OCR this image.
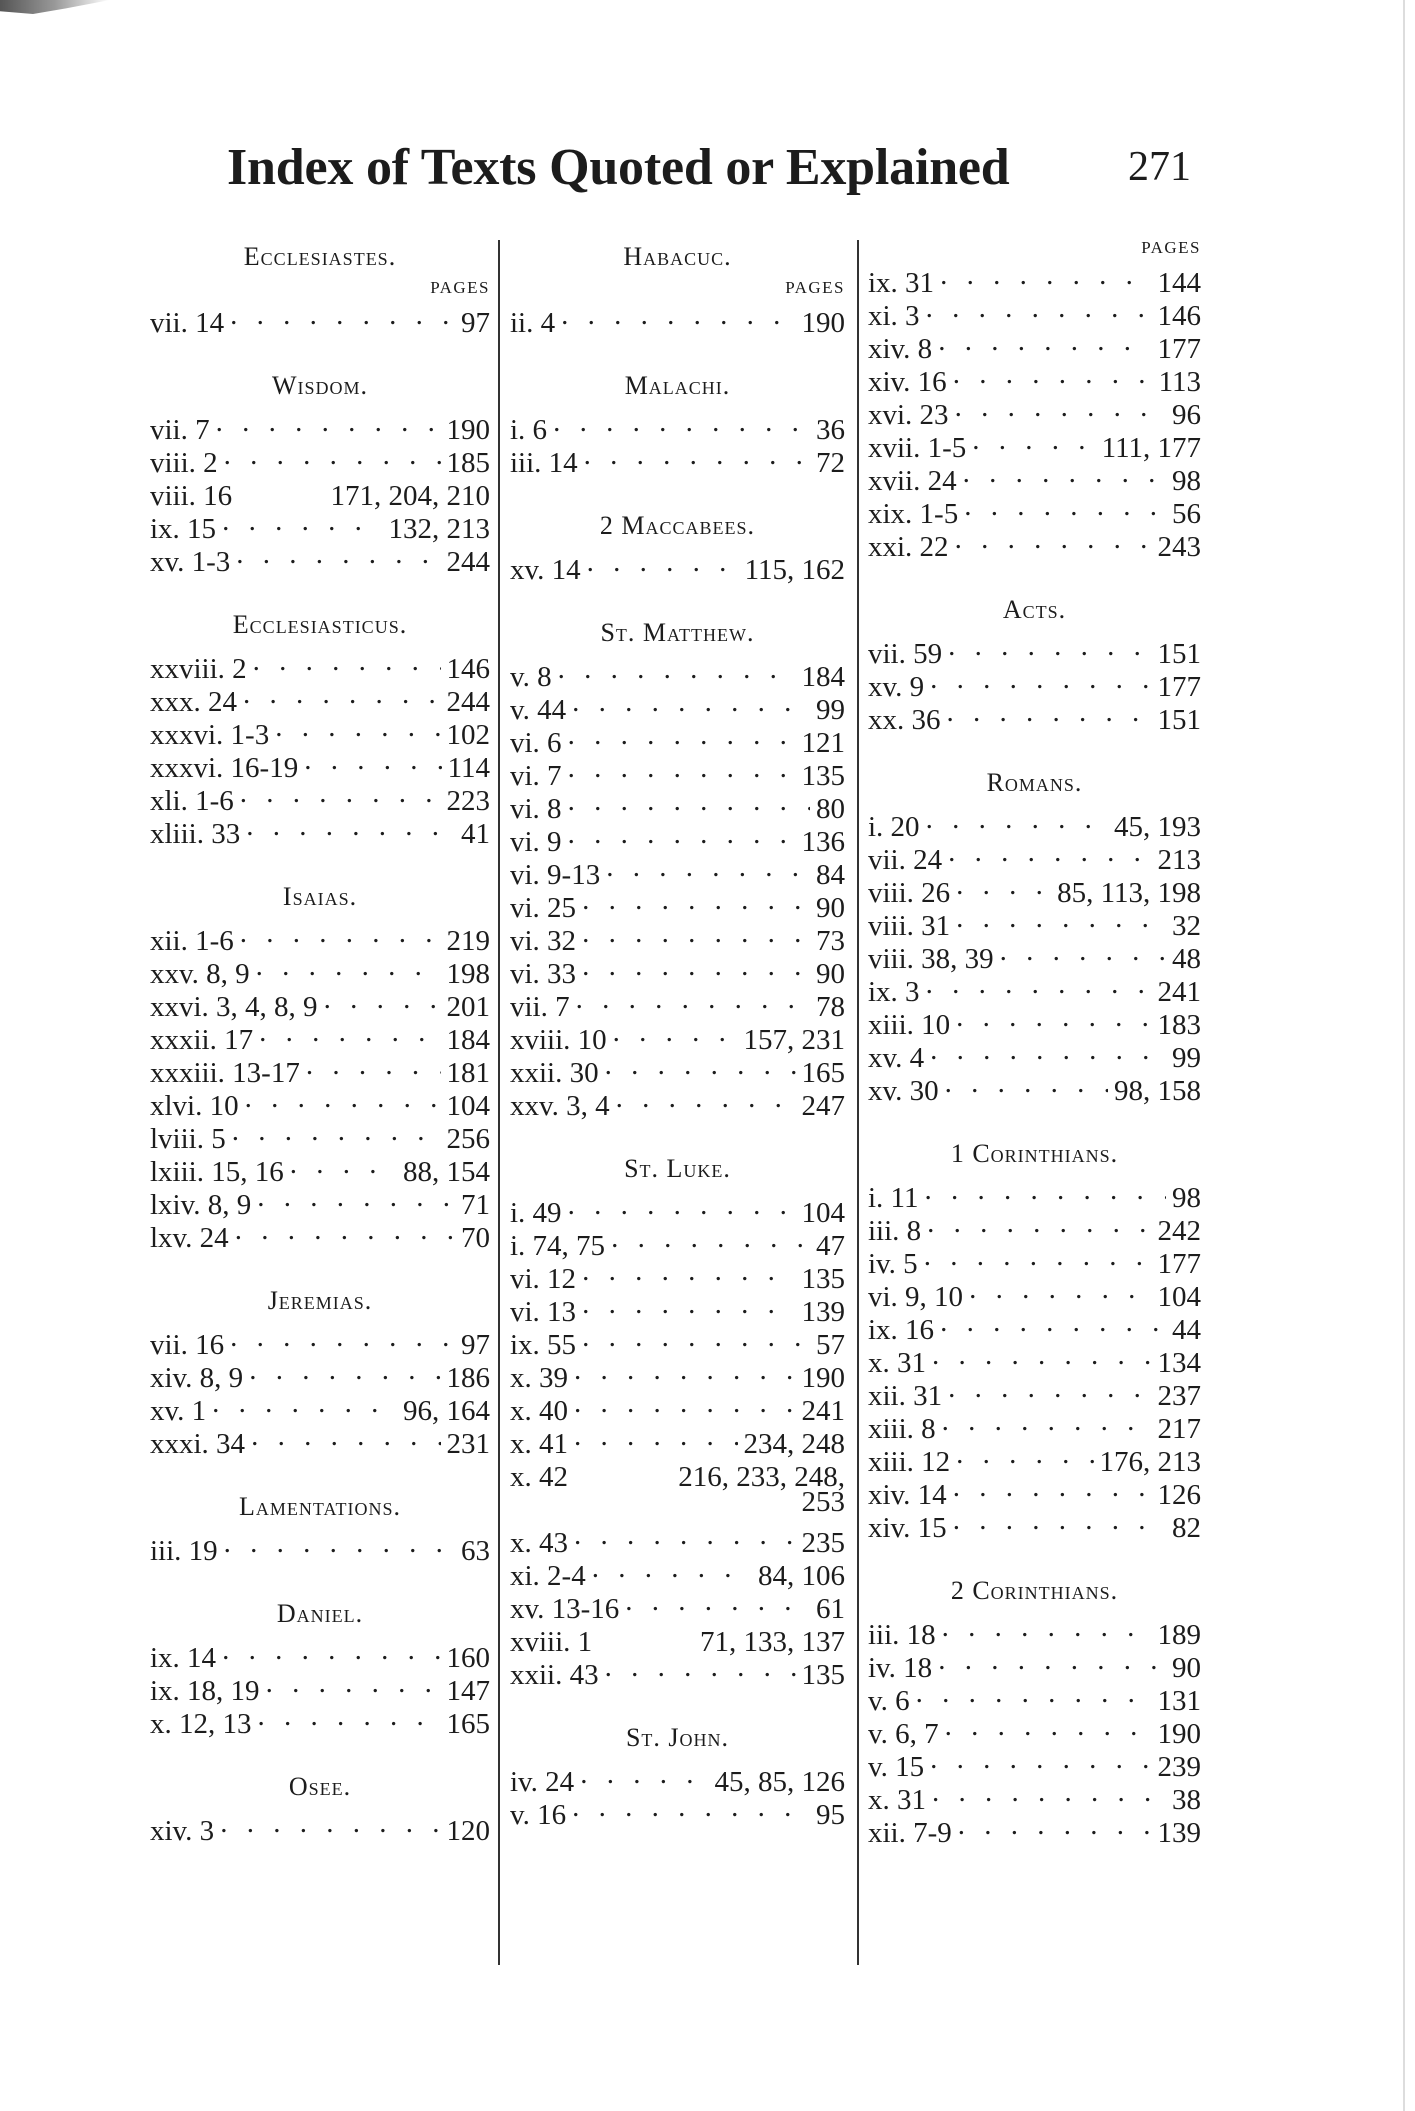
Index of Texts Quoted or Explained	271
Ecclesiastes.
PAGES
vii. 14 . . .	97
Wisdom.
vii. 7 . . .	190
viii. 2 . . .	185
viii. 16	171, 204, 210
ix. 15 . . .	132, 213
xv. 1-3 . . .	244
Ecclesiasticus.
xxviii. 2 . . .	146
xxx. 24 . . .	244
xxxvi. 1-3 . . .	102
xxxvi. 16-19 . . .	114
xli. 1-6 . . .	223
xliii. 33 . . .	41
Isaias.
xii. 1-6 . . .	219
xxv. 8, 9 . . .	198
xxvi. 3, 4, 8, 9 . . .	201
xxxii. 17 . . .	184
xxxiii. 13-17 . . .	181
xlvi. 10 . . .	104
lviii. 5 . . .	256
lxiii. 15, 16 . . .	88, 154
lxiv. 8, 9 . . .	71
lxv. 24 . . .	70
Jeremias.
vii. 16 . . .	97
xiv. 8, 9 . . .	186
xv. 1 . . .	96, 164
xxxi. 34 . . .	231
Lamentations.
iii. 19 . . .	63
Daniel.
ix. 14 . . .	160
ix. 18, 19 . . .	147
x. 12, 13 . . .	165
Osee.
xiv. 3 . . .	120
Habacuc.
PAGES
ii. 4 . . .	190
Malachi.
i. 6 . . .	36
iii. 14 . . .	72
2 Maccabees.
xv. 14 . . .	115, 162
St. Matthew.
v. 8 . . .	184
v. 44 . . .	99
vi. 6 . . .	121
vi. 7 . . .	135
vi. 8 . . .	80
vi. 9 . . .	136
vi. 9-13 . . .	84
vi. 25 . . .	90
vi. 32 . . .	73
vi. 33 . . .	90
vii. 7 . . .	78
xviii. 10 . . .	157, 231
xxii. 30 . . .	165
xxv. 3, 4 . . .	247
St. Luke.
i. 49 . . .	104
i. 74, 75 . . .	47
vi. 12 . . .	135
vi. 13 . . .	139
ix. 55 . . .	57
x. 39 . . .	190
x. 40 . . .	241
x. 41 . . .	234, 248
x. 42	216, 233, 248,
253
x. 43 . . .	235
xi. 2-4 . . .	84, 106
xv. 13-16 . . .	61
xviii. 1	71, 133, 137
xxii. 43 . . .	135
St. John.
iv. 24 . . .	45, 85, 126
v. 16 . . .	95
PAGES
ix. 31 . . .	144
xi. 3 . . .	146
xiv. 8 . . .	177
xiv. 16 . . .	113
xvi. 23 . . .	96
xvii. 1-5 . . .	111, 177
xvii. 24 . . .	98
xix. 1-5 . . .	56
xxi. 22 . . .	243
Acts.
vii. 59 . . .	151
xv. 9 . . .	177
xx. 36 . . .	151
Romans.
i. 20 . . .	45, 193
vii. 24 . . .	213
viii. 26 . . .	85, 113, 198
viii. 31 . . .	32
viii. 38, 39 . . .	48
ix. 3 . . .	241
xiii. 10 . . .	183
xv. 4 . . .	99
xv. 30 . . .	98, 158
1 Corinthians.
i. 11 . . .	98
iii. 8 . . .	242
iv. 5 . . .	177
vi. 9, 10 . . .	104
ix. 16 . . .	44
x. 31 . . .	134
xii. 31 . . .	237
xiii. 8 . . .	217
xiii. 12 . . .	176, 213
xiv. 14 . . .	126
xiv. 15 . . .	82
2 Corinthians.
iii. 18 . . .	189
iv. 18 . . .	90
v. 6 . . .	131
v. 6, 7 . . .	190
v. 15 . . .	239
x. 31 . . .	38
xii. 7-9 . . .	139
